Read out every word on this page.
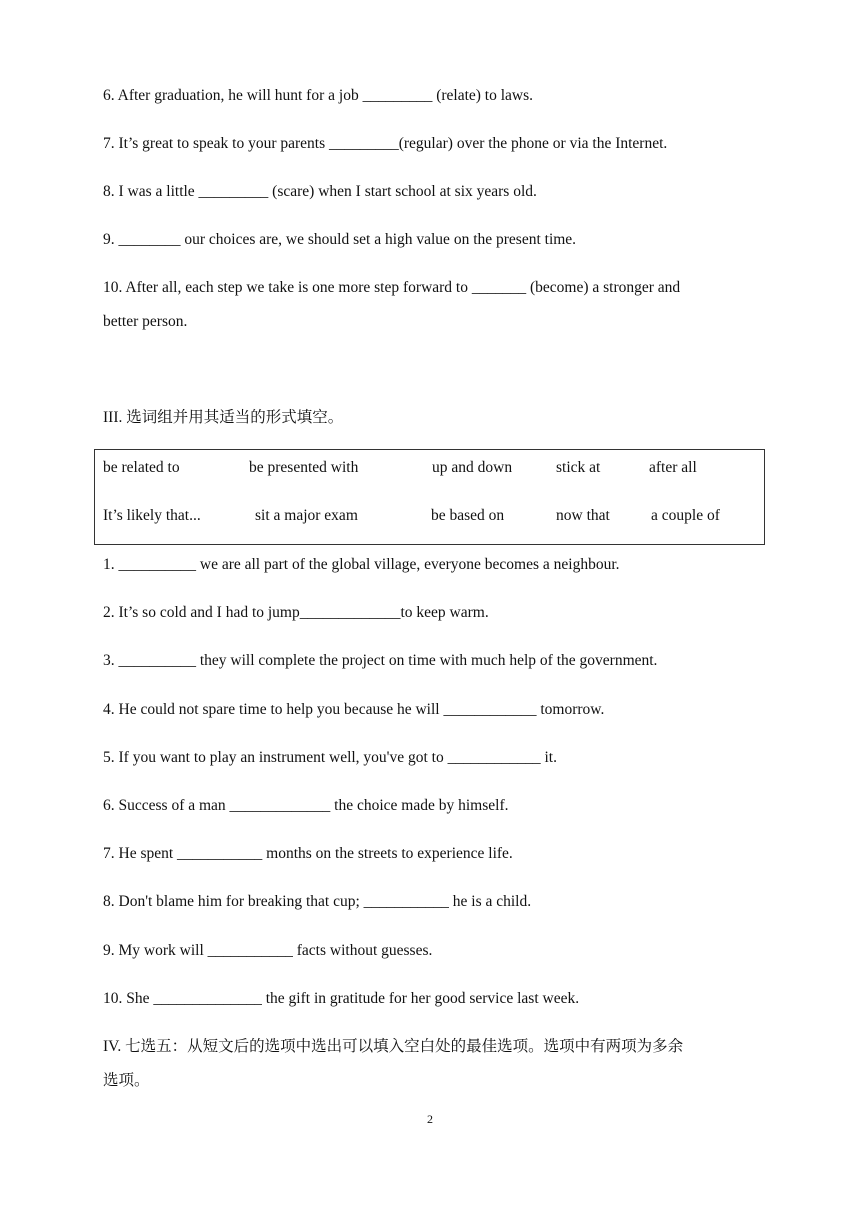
6. After graduation, he will hunt for a job _________ (relate) to laws.
7. It’s great to speak to your parents _________(regular) over the phone or via the Internet.
8. I was a little _________ (scare) when I start school at six years old.
9. ________ our choices are, we should set a high value on the present time.
10. After all, each step we take is one more step forward to _______ (become) a stronger and
better person.
III. 选词组并用其适当的形式填空。
be related to	be presented with	up and down	stick at	after all
It’s likely that...	sit a major exam	be based on	now that	a couple of
1. __________ we are all part of the global village, everyone becomes a neighbour.
2. It’s so cold and I had to jump_____________to keep warm.
3. __________ they will complete the project on time with much help of the government.
4. He could not spare time to help you because he will ____________ tomorrow.
5. If you want to play an instrument well, you've got to ____________ it.
6. Success of a man _____________ the choice made by himself.
7. He spent ___________ months on the streets to experience life.
8. Don't blame him for breaking that cup; ___________ he is a child.
9. My work will ___________ facts without guesses.
10. She ______________ the gift in gratitude for her good service last week.
IV. 七选五：从短文后的选项中选出可以填入空白处的最佳选项。选项中有两项为多余
选项。
2
